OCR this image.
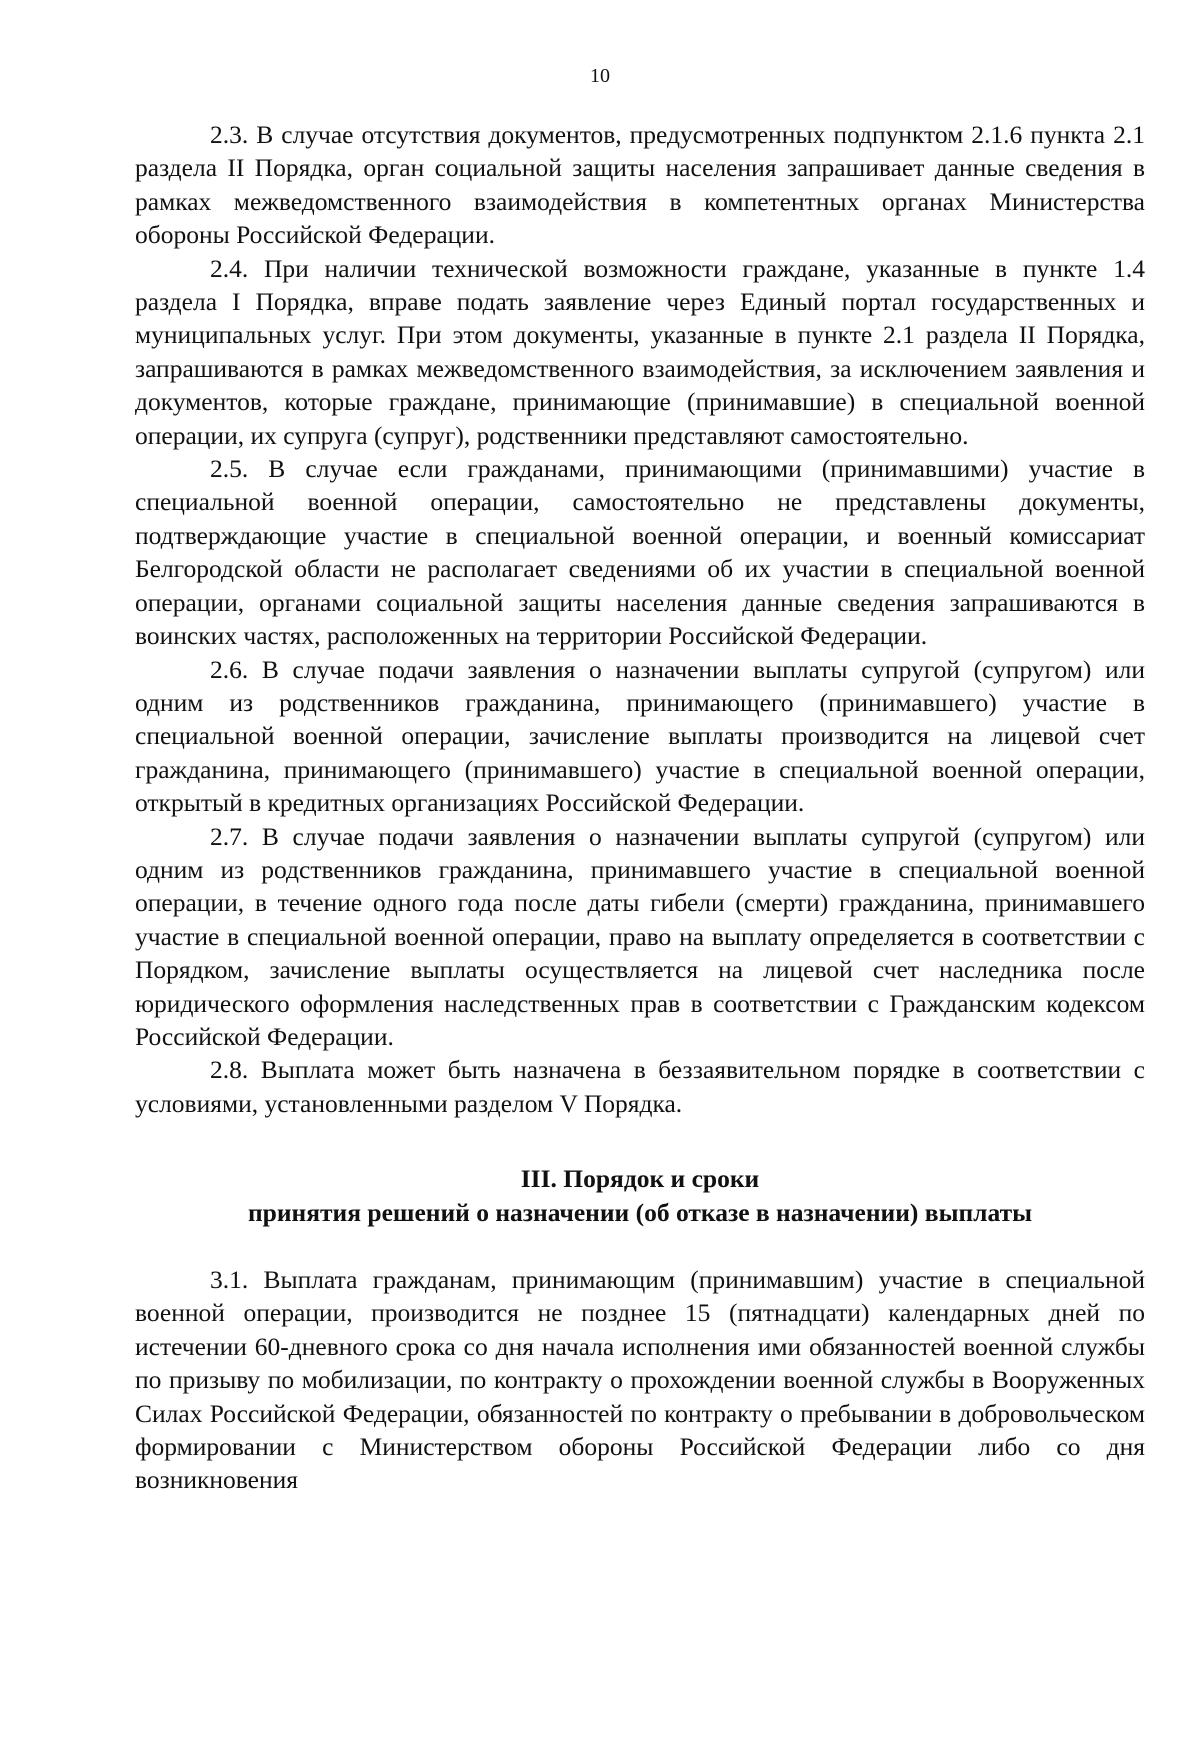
10

2.3. В случае отсутствия документов, предусмотренных подпунктом 2.1.6 пункта 2.1 раздела II Порядка, орган социальной защиты населения запрашивает данные сведения в рамках межведомственного взаимодействия в компетентных органах Министерства обороны Российской Федерации.

2.4. При наличии технической возможности граждане, указанные в пункте 1.4 раздела I Порядка, вправе подать заявление через Единый портал государственных и муниципальных услуг. При этом документы, указанные в пункте 2.1 раздела II Порядка, запрашиваются в рамках межведомственного взаимодействия, за исключением заявления и документов, которые граждане, принимающие (принимавшие) в специальной военной операции, их супруга (супруг), родственники представляют самостоятельно.

2.5. В случае если гражданами, принимающими (принимавшими) участие в специальной военной операции, самостоятельно не представлены документы, подтверждающие участие в специальной военной операции, и военный комиссариат Белгородской области не располагает сведениями об их участии в специальной военной операции, органами социальной защиты населения данные сведения запрашиваются в воинских частях, расположенных на территории Российской Федерации.

2.6. В случае подачи заявления о назначении выплаты супругой (супругом) или одним из родственников гражданина, принимающего (принимавшего) участие в специальной военной операции, зачисление выплаты производится на лицевой счет гражданина, принимающего (принимавшего) участие в специальной военной операции, открытый в кредитных организациях Российской Федерации.

2.7. В случае подачи заявления о назначении выплаты супругой (супругом) или одним из родственников гражданина, принимавшего участие в специальной военной операции, в течение одного года после даты гибели (смерти) гражданина, принимавшего участие в специальной военной операции, право на выплату определяется в соответствии с Порядком, зачисление выплаты осуществляется на лицевой счет наследника после юридического оформления наследственных прав в соответствии с Гражданским кодексом Российской Федерации.

2.8. Выплата может быть назначена в беззаявительном порядке в соответствии с условиями, установленными разделом V Порядка.

III. Порядок и сроки
принятия решений о назначении (об отказе в назначении) выплаты

3.1. Выплата гражданам, принимающим (принимавшим) участие в специальной военной операции, производится не позднее 15 (пятнадцати) календарных дней по истечении 60-дневного срока со дня начала исполнения ими обязанностей военной службы по призыву по мобилизации, по контракту о прохождении военной службы в Вооруженных Силах Российской Федерации, обязанностей по контракту о пребывании в добровольческом формировании с Министерством обороны Российской Федерации либо со дня возникновения
